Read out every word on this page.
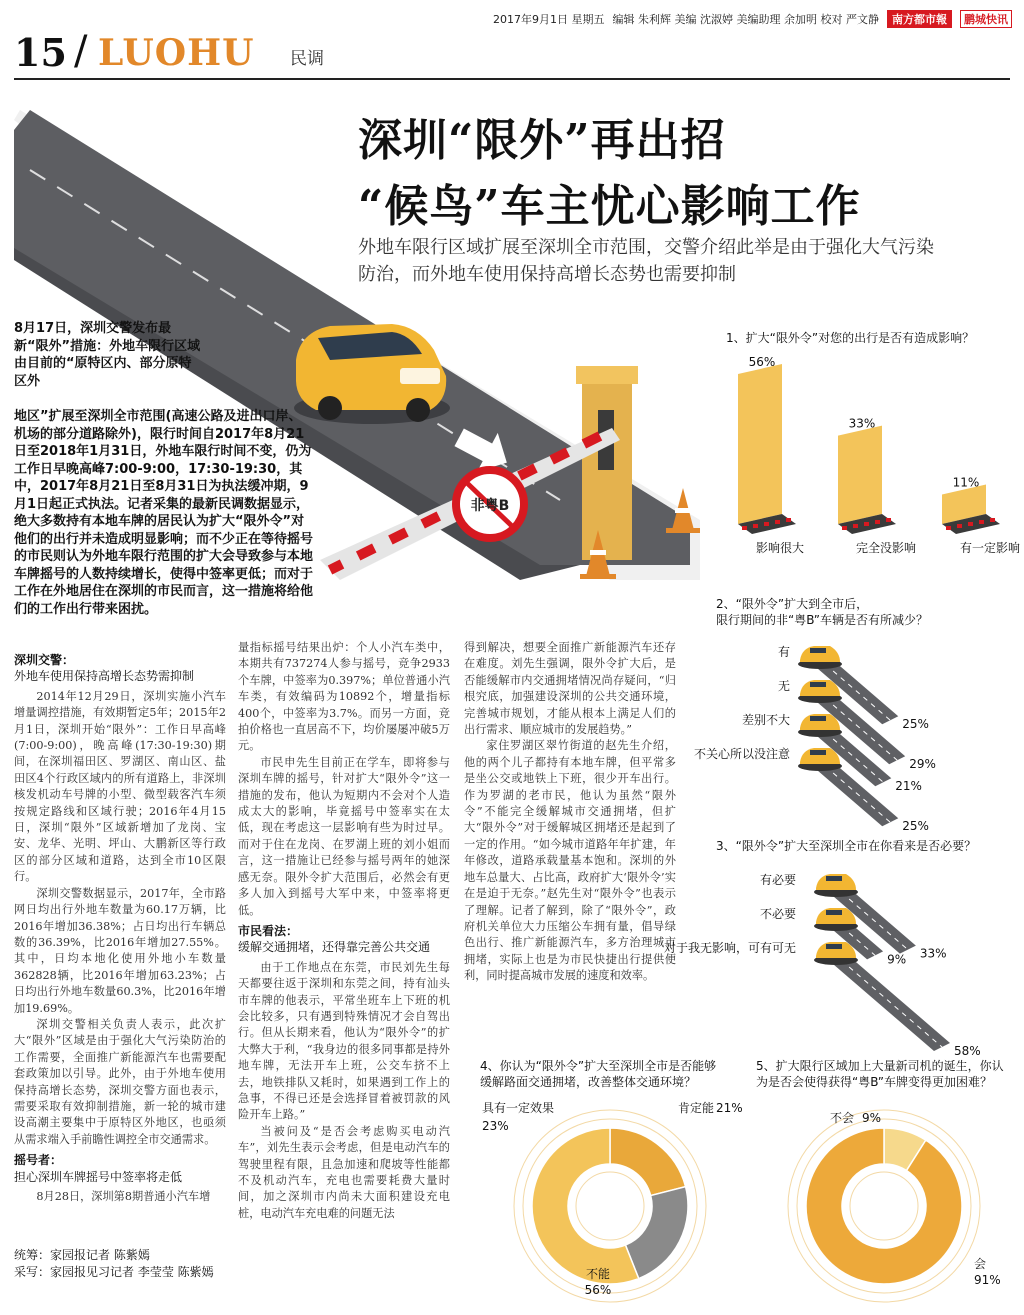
2017年9月1日 星期五 编辑 朱利辉 美编 沈淑婷 美编助理 余加明 校对 严文静	南方都市報	鹏城快讯
15 / LUOHU 民调
非粤B
深圳“限外”再出招
“候鸟”车主忧心影响工作
外地车限行区域扩展至深圳全市范围，交警介绍此举是由于强化大气污染防治，而外地车使用保持高增长态势也需要抑制
8月17日，深圳交警发布最新“限外”措施：外地车限行区域由目前的“原特区内、部分原特区外
地区”扩展至深圳全市范围(高速公路及进出口岸、机场的部分道路除外)，限行时间自2017年8月21日至2018年1月31日，外地车限行时间不变，仍为工作日早晚高峰7:00-9:00，17:30-19:30，其中，2017年8月21日至8月31日为执法缓冲期，9月1日起正式执法。记者采集的最新民调数据显示，绝大多数持有本地车牌的居民认为扩大“限外令”对他们的出行并未造成明显影响；而不少正在等待摇号的市民则认为外地车限行范围的扩大会导致参与本地车牌摇号的人数持续增长，使得中签率更低；而对于工作在外地居住在深圳的市民而言，这一措施将给他们的工作出行带来困扰。
深圳交警：
外地车使用保持高增长态势需抑制

2014年12月29日，深圳实施小汽车增量调控措施，有效期暂定5年；2015年2月1日，深圳开始“限外”：工作日早高峰(7:00-9:00)，晚高峰(17:30-19:30)期间，在深圳福田区、罗湖区、南山区、盐田区4个行政区域内的所有道路上，非深圳核发机动车号牌的小型、微型载客汽车须按规定路线和区域行驶；2016年4月15日，深圳“限外”区域新增加了龙岗、宝安、龙华、光明、坪山、大鹏新区等行政区的部分区域和道路，达到全市10区限行。

深圳交警数据显示，2017年，全市路网日均出行外地车数量为60.17万辆，比2016年增加36.38%；占日均出行车辆总数的36.39%，比2016年增加27.55%。其中，日均本地化使用外地小车数量362828辆，比2016年增加63.23%；占日均出行外地车数量60.3%，比2016年增加19.69%。

深圳交警相关负责人表示，此次扩大“限外”区域是由于强化大气污染防治的工作需要，全面推广新能源汽车也需要配套政策加以引导。此外，由于外地车使用保持高增长态势，深圳交警方面也表示，需要采取有效抑制措施，新一轮的城市建设高潮主要集中于原特区外地区，也亟须从需求端入手前瞻性调控全市交通需求。

摇号者：
担心深圳车牌摇号中签率将走低

8月28日，深圳第8期普通小汽车增

量指标摇号结果出炉：个人小汽车类中，本期共有737274人参与摇号，竞争2933个车牌，中签率为0.397%；单位普通小汽车类，有效编码为10892个，增量指标400个，中签率为3.7%。而另一方面，竞拍价格也一直居高不下，均价屡屡冲破5万元。

市民申先生目前正在学车，即将参与深圳车牌的摇号，针对扩大“限外令”这一措施的发布，他认为短期内不会对个人造成太大的影响，毕竟摇号中签率实在太低，现在考虑这一层影响有些为时过早。而对于住在龙岗、在罗湖上班的刘小姐而言，这一措施让已经参与摇号两年的她深感无奈。限外令扩大范围后，必然会有更多人加入到摇号大军中来，中签率将更低。

市民看法：
缓解交通拥堵，还得靠完善公共交通

由于工作地点在东莞，市民刘先生每天都要往返于深圳和东莞之间，持有汕头市车牌的他表示，平常坐班车上下班的机会比较多，只有遇到特殊情况才会自驾出行。但从长期来看，他认为“限外令”的扩大弊大于利，“我身边的很多同事都是持外地车牌，无法开车上班，公交车挤不上去，地铁排队又耗时，如果遇到工作上的急事，不得已还是会选择冒着被罚款的风险开车上路。”

当被问及“是否会考虑购买电动汽车”，刘先生表示会考虑，但是电动汽车的驾驶里程有限，且急加速和爬坡等性能都不及机动汽车，充电也需要耗费大量时间，加之深圳市内尚未大面积建设充电桩，电动汽车充电难的问题无法

得到解决，想要全面推广新能源汽车还存在难度。刘先生强调，限外令扩大后，是否能缓解市内交通拥堵情况尚存疑问，“归根究底，加强建设深圳的公共交通环境，完善城市规划，才能从根本上满足人们的出行需求、顺应城市的发展趋势。”

家住罗湖区翠竹街道的赵先生介绍，他的两个儿子都持有本地车牌，但平常多是坐公交或地铁上下班，很少开车出行。作为罗湖的老市民，他认为虽然“限外令”不能完全缓解城市交通拥堵，但扩大“限外令”对于缓解城区拥堵还是起到了一定的作用。“如今城市道路年年扩建，年年修改，道路承载量基本饱和。深圳的外地车总量大、占比高，政府扩大‘限外令’实在是迫于无奈。”赵先生对“限外令”也表示了理解。记者了解到，除了“限外令”，政府机关单位大力压缩公车拥有量，倡导绿色出行、推广新能源汽车，多方治理城市拥堵，实际上也是为市民快捷出行提供便利，同时提高城市发展的速度和效率。

统筹：家园报记者 陈紫嫣
采写：家园报见习记者 李莹莹 陈紫嫣
1、扩大“限外令”对您的出行是否有造成影响？
56%
影响很大
33%
完全没影响
11%
有一定影响
2、“限外令”扩大到全市后，
限行期间的非“粤B”车辆是否有所减少？
有
25%
无
29%
差别不大
21%
不关心所以没注意
25%
3、“限外令”扩大至深圳全市在你看来是否必要？
有必要
33%
不必要
9%
对于我无影响，可有可无
58%
4、你认为“限外令”扩大至深圳全市是否能够
缓解路面交通拥堵，改善整体交通环境？
肯定能 21%
具有一定效果
23%
不能
56%
5、扩大限行区域加上大量新司机的诞生，你认
为是否会使得获得“粤B”车牌变得更加困难？
不会 9%
会
91%
